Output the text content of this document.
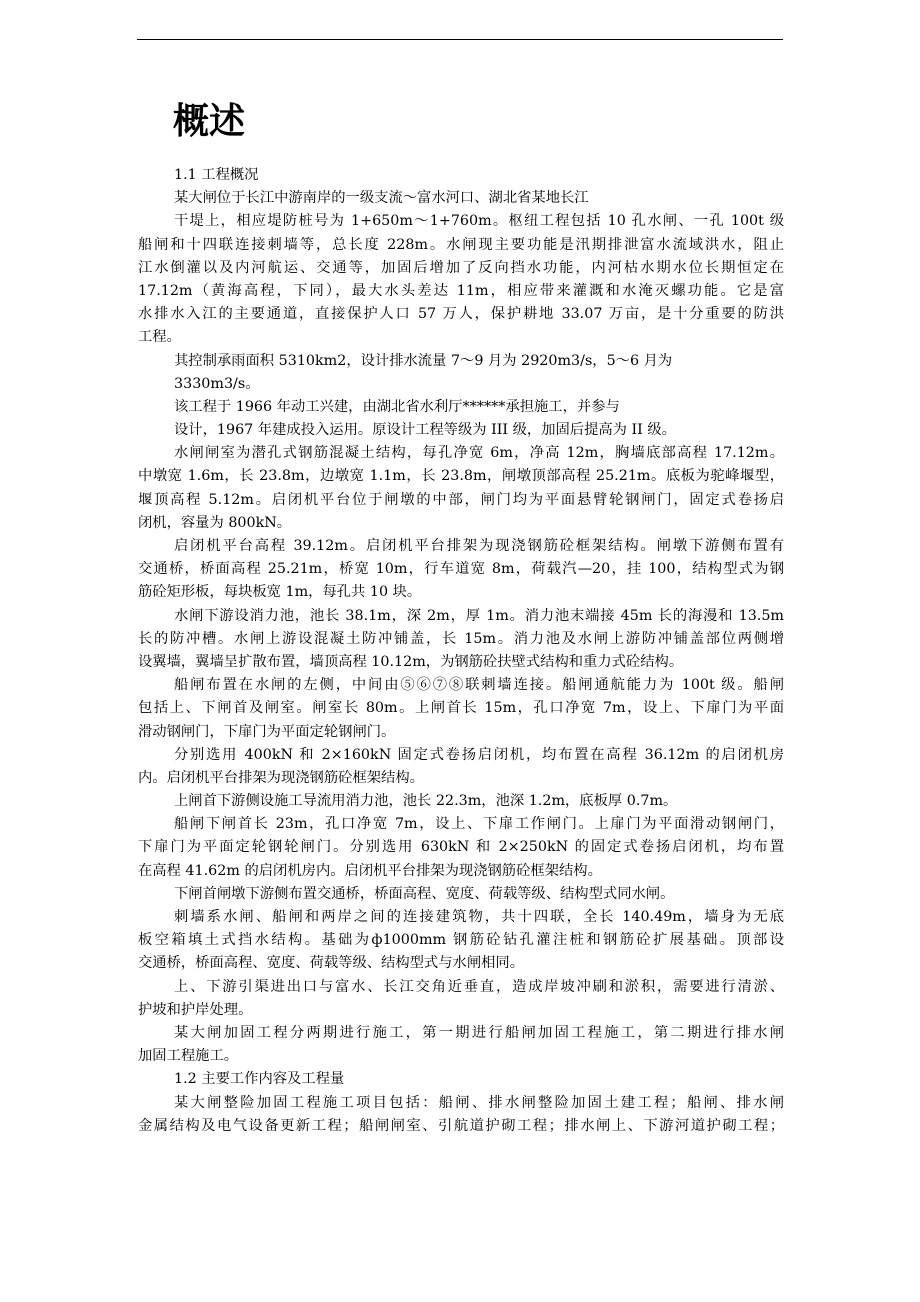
概述
1.1 工程概况
某大闸位于长江中游南岸的一级支流～富水河口、湖北省某地长江
干堤上，相应堤防桩号为 1+650m～1+760m。枢纽工程包括 10 孔水闸、一孔 100t 级
船闸和十四联连接刺墙等，总长度 228m。水闸现主要功能是汛期排泄富水流域洪水，阻止
江水倒灌以及内河航运、交通等，加固后增加了反向挡水功能，内河枯水期水位长期恒定在
17.12m（黄海高程，下同），最大水头差达 11m，相应带来灌溉和水淹灭螺功能。它是富
水排水入江的主要通道，直接保护人口 57 万人，保护耕地 33.07 万亩，是十分重要的防洪
工程。
其控制承雨面积 5310km2，设计排水流量 7～9 月为 2920m3/s，5～6 月为
3330m3/s。
该工程于 1966 年动工兴建，由湖北省水利厅******承担施工，并参与
设计，1967 年建成投入运用。原设计工程等级为 III 级，加固后提高为 II 级。
水闸闸室为潜孔式钢筋混凝土结构，每孔净宽 6m，净高 12m，胸墙底部高程 17.12m。
中墩宽 1.6m，长 23.8m，边墩宽 1.1m，长 23.8m，闸墩顶部高程 25.21m。底板为驼峰堰型，
堰顶高程 5.12m。启闭机平台位于闸墩的中部，闸门均为平面悬臂轮钢闸门，固定式卷扬启
闭机，容量为 800kN。
启闭机平台高程 39.12m。启闭机平台排架为现浇钢筋砼框架结构。闸墩下游侧布置有
交通桥，桥面高程 25.21m，桥宽 10m，行车道宽 8m，荷载汽—20，挂 100，结构型式为钢
筋砼矩形板，每块板宽 1m，每孔共 10 块。
水闸下游设消力池，池长 38.1m，深 2m，厚 1m。消力池末端接 45m 长的海漫和 13.5m
长的防冲槽。水闸上游设混凝土防冲铺盖，长 15m。消力池及水闸上游防冲铺盖部位两侧增
设翼墙，翼墙呈扩散布置，墙顶高程 10.12m，为钢筋砼扶壁式结构和重力式砼结构。
船闸布置在水闸的左侧，中间由⑤⑥⑦⑧联刺墙连接。船闸通航能力为 100t 级。船闸
包括上、下闸首及闸室。闸室长 80m。上闸首长 15m，孔口净宽 7m，设上、下扉门为平面
滑动钢闸门，下扉门为平面定轮钢闸门。
分别选用 400kN 和 2×160kN 固定式卷扬启闭机，均布置在高程 36.12m 的启闭机房
内。启闭机平台排架为现浇钢筋砼框架结构。
上闸首下游侧设施工导流用消力池，池长 22.3m，池深 1.2m，底板厚 0.7m。
船闸下闸首长 23m，孔口净宽 7m，设上、下扉工作闸门。上扉门为平面滑动钢闸门，
下扉门为平面定轮钢轮闸门。分别选用 630kN 和 2×250kN 的固定式卷扬启闭机，均布置
在高程 41.62m 的启闭机房内。启闭机平台排架为现浇钢筋砼框架结构。
下闸首闸墩下游侧布置交通桥，桥面高程、宽度、荷载等级、结构型式同水闸。
刺墙系水闸、船闸和两岸之间的连接建筑物，共十四联，全长 140.49m，墙身为无底
板空箱填土式挡水结构。基础为ф1000mm 钢筋砼钻孔灌注桩和钢筋砼扩展基础。顶部设
交通桥，桥面高程、宽度、荷载等级、结构型式与水闸相同。
上、下游引渠进出口与富水、长江交角近垂直，造成岸坡冲刷和淤积，需要进行清淤、
护坡和护岸处理。
某大闸加固工程分两期进行施工，第一期进行船闸加固工程施工，第二期进行排水闸
加固工程施工。
1.2 主要工作内容及工程量
某大闸整险加固工程施工项目包括：船闸、排水闸整险加固土建工程；船闸、排水闸
金属结构及电气设备更新工程；船闸闸室、引航道护砌工程；排水闸上、下游河道护砌工程；
